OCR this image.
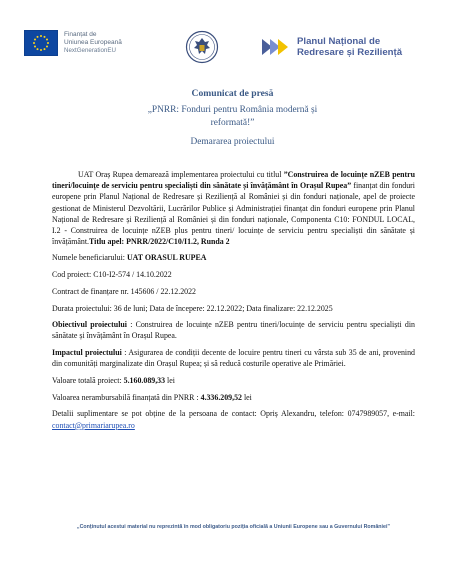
Finanțat de
Uniunea Europeană
NextGenerationEU
Planul Național de
Redresare și Reziliență
Comunicat de presă
„PNRR: Fonduri pentru România modernă și reformată!”
Demararea proiectului

UAT Oraș Rupea demarează implementarea proiectului cu titlul ”Construirea de locuințe nZEB pentru tineri/locuințe de serviciu pentru specialiști din sănătate și învățământ în Orașul Rupea” finanțat din fonduri europene prin Planul Național de Redresare și Reziliență al României și din fonduri naționale, apel de proiecte gestionat de Ministerul Dezvoltării, Lucrărilor Publice și Administrației finanțat din fonduri europene prin Planul Național de Redresare și Reziliență al României și din fonduri naționale, Componenta C10: FONDUL LOCAL, I.2 - Construirea de locuințe nZEB plus pentru tineri/ locuințe de serviciu pentru specialiști din sănătate și învățământ.Titlu apel: PNRR/2022/C10/I1.2, Runda 2

Numele beneficiarului: UAT ORASUL RUPEA
Cod proiect: C10-I2-574 / 14.10.2022
Contract de finanțare nr. 145606 / 22.12.2022
Durata proiectului: 36 de luni; Data de începere: 22.12.2022; Data finalizare: 22.12.2025
Obiectivul proiectului : Construirea de locuințe nZEB pentru tineri/locuințe de serviciu pentru specialiști din sănătate și învățământ în Orașul Rupea.
Impactul proiectului : Asigurarea de condiții decente de locuire pentru tineri cu vârsta sub 35 de ani, provenind din comunități marginalizate din Orașul Rupea; și să reducă costurile operative ale Primăriei.
Valoare totală proiect: 5.160.089,33 lei
Valoarea nerambursabilă finanțată din PNRR : 4.336.209,52 lei
Detalii suplimentare se pot obține de la persoana de contact: Opriș Alexandru, telefon: 0747989057, e-mail: contact@primariarupea.ro
„Conținutul acestui material nu reprezintă în mod obligatoriu poziția oficială a Uniunii Europene sau a Guvernului României”
